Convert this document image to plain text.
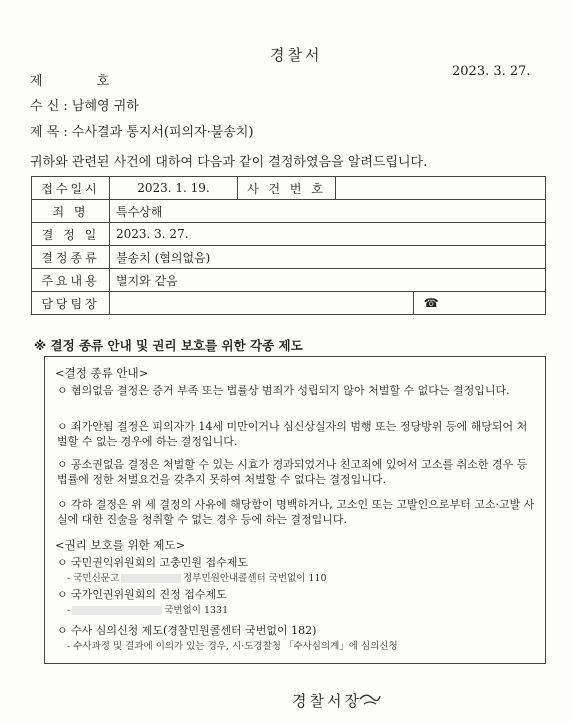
경찰서
2023. 3. 27.
제	호
수 신 : 남혜영 귀하
제 목 : 수사결과 통지서(피의자·불송치)
귀하와 관련된 사건에 대하여 다음과 같이 결정하였음을 알려드립니다.
접수일시	2023. 1. 19.	사 건 번 호			
죄 명	특수상해				
결 정 일	2023. 3. 27.				
결정종류	불송치 (혐의없음)				
주요내용	별지와 같음				
담당팀장				☎	
※ 결정 종류 안내 및 권리 보호를 위한 각종 제도
<결정 종류 안내>
ㅇ 혐의없음 결정은 증거 부족 또는 법률상 범죄가 성립되지 않아 처벌할 수 없다는 결정입니다.
ㅇ 죄가안됨 결정은 피의자가 14세 미만이거나 심신상실자의 범행 또는 정당방위 등에 해당되어 처벌할 수 없는 경우에 하는 결정입니다.
ㅇ 공소권없음 결정은 처벌할 수 있는 시효가 경과되었거나 친고죄에 있어서 고소를 취소한 경우 등 법률에 정한 처벌요건을 갖추지 못하여 처벌할 수 없다는 결정입니다.
ㅇ 각하 결정은 위 세 결정의 사유에 해당함이 명백하거나, 고소인 또는 고발인으로부터 고소·고발 사실에 대한 진술을 청취할 수 없는 경우 등에 하는 결정입니다.
<권리 보호를 위한 제도>
ㅇ 국민권익위원회의 고충민원 접수제도
- 국민신문고	정부민원안내콜센터 국번없이 110
ㅇ 국가인권위원회의 진정 접수제도
-	국번없이 1331
ㅇ 수사 심의신청 제도(경찰민원콜센터 국번없이 182)
- 수사과정 및 결과에 이의가 있는 경우, 시·도경찰청 「수사심의계」에 심의신청
경찰서장
